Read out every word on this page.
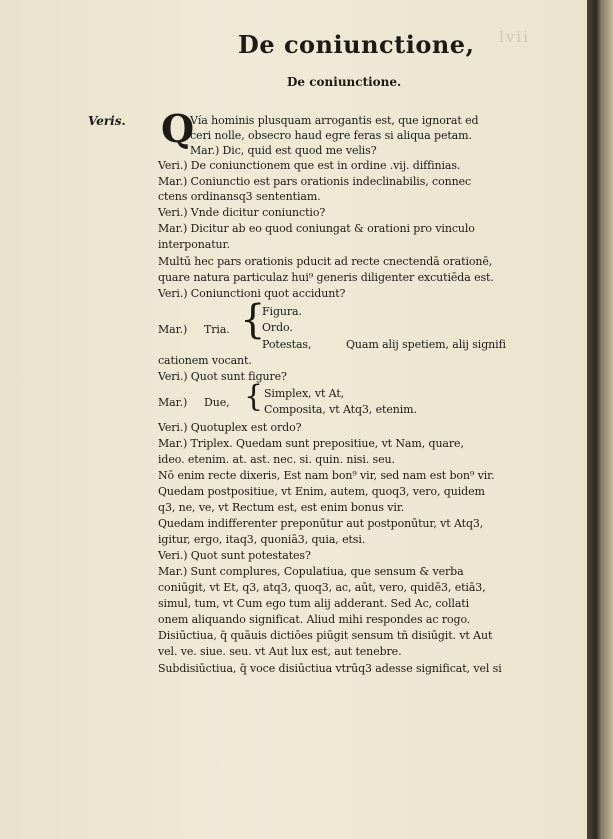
lvii
De coniunctione,
De coniunctione.
Veris. Q
Vía hominis plusquam arrogantis est, que ignorat ed
ceri nolle, obsecro haud egre feras si aliqua petam.
Mar.) Dic, quid est quod me velis?
Veri.) De coniunctionem que est in ordine .vij. diffinias.
Mar.) Coniunctio est pars orationis indeclinabilis, connec
ctens ordinansq3 sententiam.
Veri.) Vnde dicitur coniunctio?
Mar.) Dicitur ab eo quod coniungat & orationi pro vinculo
interponatur.
Multū hec pars orationis pducit ad recte cnectendā orationē,
quare natura particulaz hui⁹ generis diligenter excutiēda est.
Veri.) Coniunctioni quot accidunt?
Mar.) Tria. {
Figura.
Ordo.
Potestas,	Quam alij spetiem, alij signifi
cationem vocant.
Veri.) Quot sunt figure?
Mar.) Due, { Simplex, vt At,
Composita, vt Atq3, etenim.
Veri.) Quotuplex est ordo?
Mar.) Triplex. Quedam sunt prepositiue, vt Nam, quare,
ideo. etenim. at. ast. nec. si. quin. nisi. seu.
Nō enim recte dixeris, Est nam bon⁹ vir, sed nam est bon⁹ vir.
Quedam postpositiue, vt Enim, autem, quoq3, vero, quidem
q3, ne, ve, vt Rectum est, est enim bonus vir.
Quedam indifferenter preponūtur aut postponūtur, vt Atq3,
igitur, ergo, itaq3, quoniā3, quia, etsi.
Veri.) Quot sunt potestates?
Mar.) Sunt complures, Copulatiua, que sensum & verba
coniūgit, vt Et, q3, atq3, quoq3, ac, aūt, vero, quidē3, etiā3,
simul, tum, vt Cum ego tum alij adderant. Sed Ac, collati
onem aliquando significat. Aliud mihi respondes ac rogo.
Disiūctiua, q̄ quāuis dictiōes piūgit sensum tñ disiūgit. vt Aut
vel. ve. siue. seu. vt Aut lux est, aut tenebre.
Subdisiūctiua, q̄ voce disiūctiua vtrūq3 adesse significat, vel si
